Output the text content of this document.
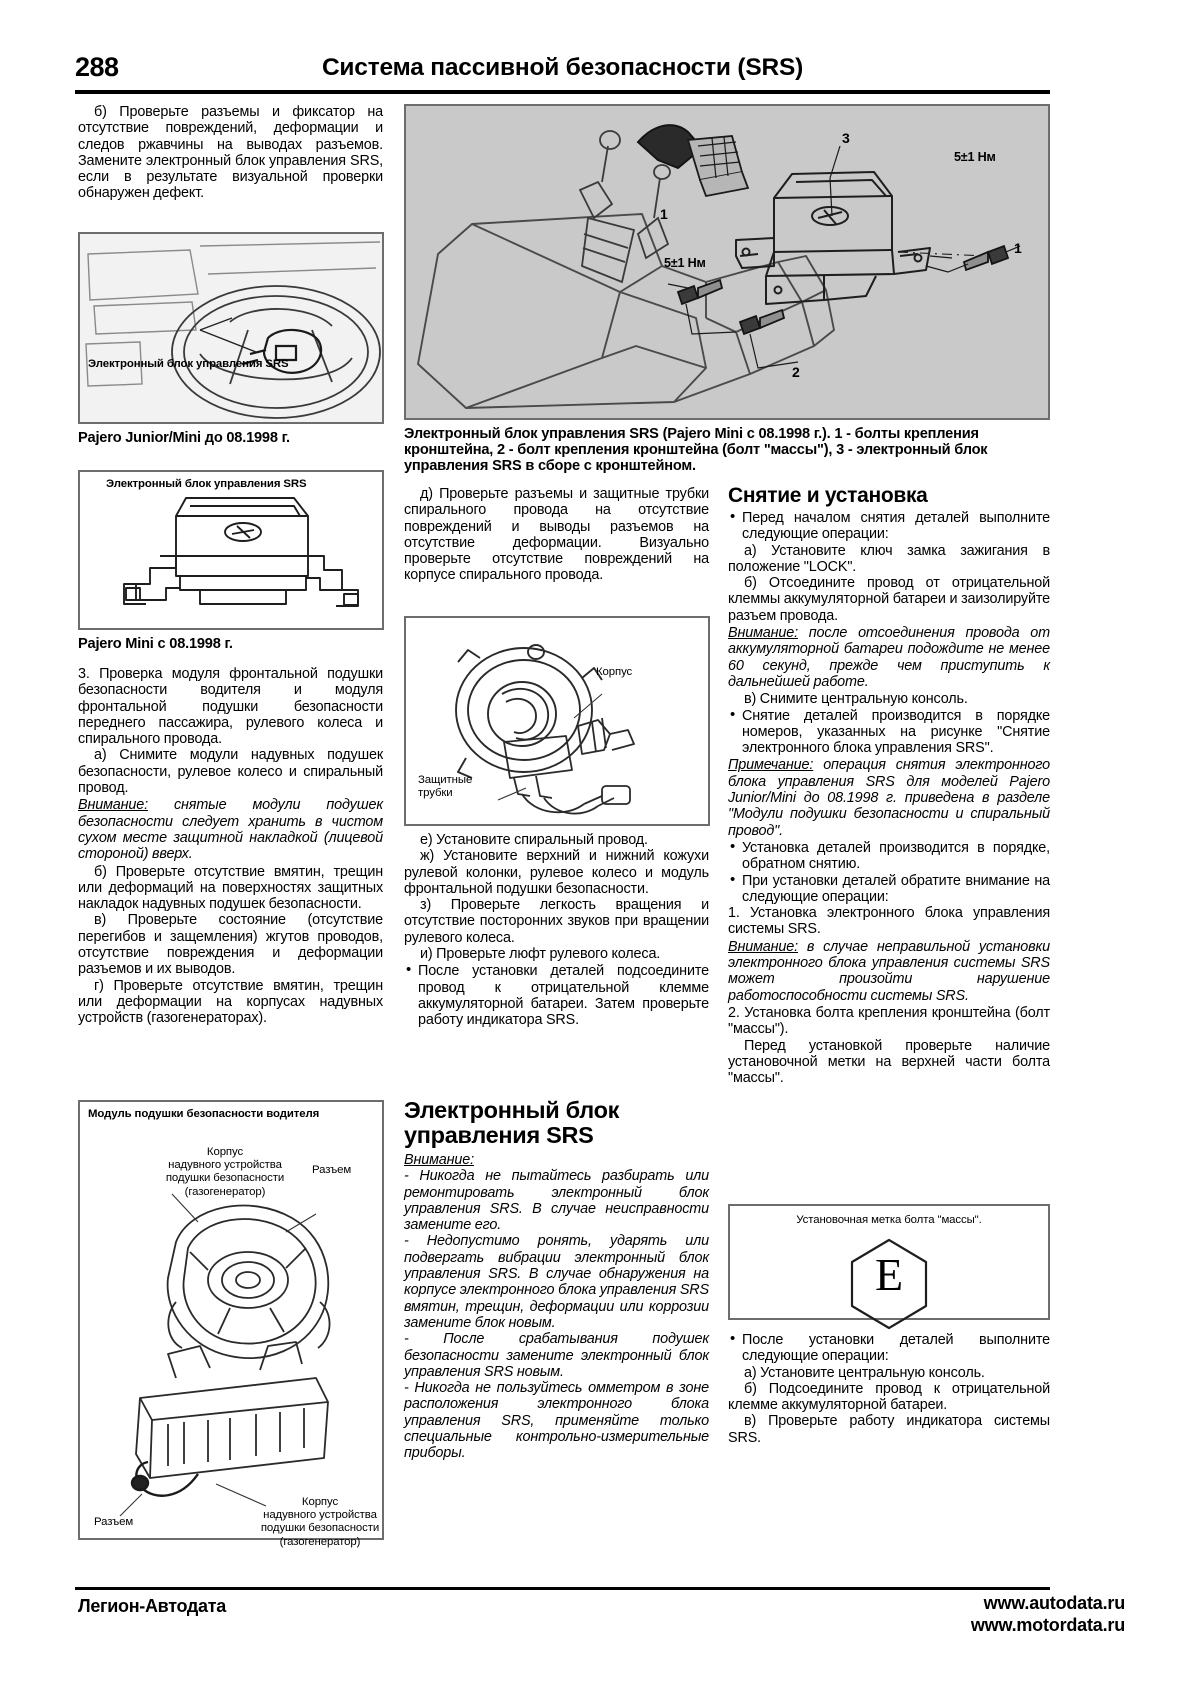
288	Система пассивной безопасности (SRS)

б) Проверьте разъемы и фиксатор на отсутствие повреждений, деформации и следов ржавчины на выводах разъемов. Замените электронный блок управления SRS, если в результате визуальной проверки обнаружен дефект.

Электронный блок управления SRS
Pajero Junior/Mini до 08.1998 г.
Электронный блок управления SRS
Pajero Mini с 08.1998 г.

3. Проверка модуля фронтальной подушки безопасности водителя и модуля фронтальной подушки безопасности переднего пассажира, рулевого колеса и спирального провода.

а) Снимите модули надувных подушек безопасности, рулевое колесо и спиральный провод.

Внимание: снятые модули подушек безопасности следует хранить в чистом сухом месте защитной накладкой (лицевой стороной) вверх.

б) Проверьте отсутствие вмятин, трещин или деформаций на поверхностях защитных накладок надувных подушек безопасности.

в) Проверьте состояние (отсутствие перегибов и защемления) жгутов проводов, отсутствие повреждения и деформации разъемов и их выводов.

г) Проверьте отсутствие вмятин, трещин или деформации на корпусах надувных устройств (газогенераторах).

Модуль подушки безопасности водителя
Корпус
надувного устройства
подушки безопасности
(газогенератор)
Разъем
Корпус
надувного устройства
подушки безопасности
(газогенератор)
Разъем
3
1
1
2
5±1 Нм
5±1 Нм
Электронный блок управления SRS (Pajero Mini с 08.1998 г.). 1 - болты крепления кронштейна, 2 - болт крепления кронштейна (болт "массы"), 3 - электронный блок управления SRS в сборе с кронштейном.

д) Проверьте разъемы и защитные трубки спирального провода на отсутствие повреждений и выводы разъемов на отсутствие деформации. Визуально проверьте отсутствие повреждений на корпусе спирального провода.

Корпус
Защитные
трубки

е) Установите спиральный провод.

ж) Установите верхний и нижний кожухи рулевой колонки, рулевое колесо и модуль фронтальной подушки безопасности.

з) Проверьте легкость вращения и отсутствие посторонних звуков при вращении рулевого колеса.

и) Проверьте люфт рулевого колеса.

• После установки деталей подсоедините провод к отрицательной клемме аккумуляторной батареи. Затем проверьте работу индикатора SRS.

Электронный блок
управления SRS

Внимание:

- Никогда не пытайтесь разбирать или ремонтировать электронный блок управления SRS. В случае неисправности замените его.

- Недопустимо ронять, ударять или подвергать вибрации электронный блок управления SRS. В случае обнаружения на корпусе электронного блока управления SRS вмятин, трещин, деформации или коррозии замените блок новым.

- После срабатывания подушек безопасности замените электронный блок управления SRS новым.

- Никогда не пользуйтесь омметром в зоне расположения электронного блока управления SRS, применяйте только специальные контрольно-измерительные приборы.

Снятие и установка

• Перед началом снятия деталей выполните следующие операции:

а) Установите ключ замка зажигания в положение "LOCK".

б) Отсоедините провод от отрицательной клеммы аккумуляторной батареи и заизолируйте разъем провода.

Внимание: после отсоединения провода от аккумуляторной батареи подождите не менее 60 секунд, прежде чем приступить к дальнейшей работе.

в) Снимите центральную консоль.

• Снятие деталей производится в порядке номеров, указанных на рисунке "Снятие электронного блока управления SRS".

Примечание: операция снятия электронного блока управления SRS для моделей Pajero Junior/Mini до 08.1998 г. приведена в разделе "Модули подушки безопасности и спиральный провод".

• Установка деталей производится в порядке, обратном снятию.

• При установки деталей обратите внимание на следующие операции:

1. Установка электронного блока управления системы SRS.

Внимание: в случае неправильной установки электронного блока управления системы SRS может произойти нарушение работоспособности системы SRS.

2. Установка болта крепления кронштейна (болт "массы").

Перед установкой проверьте наличие установочной метки на верхней части болта "массы".

Установочная метка болта "массы".
E

• После установки деталей выполните следующие операции:

а) Установите центральную консоль.

б) Подсоедините провод к отрицательной клемме аккумуляторной батареи.

в) Проверьте работу индикатора системы SRS.

Легион-Автодата	www.autodata.ru
www.motordata.ru
